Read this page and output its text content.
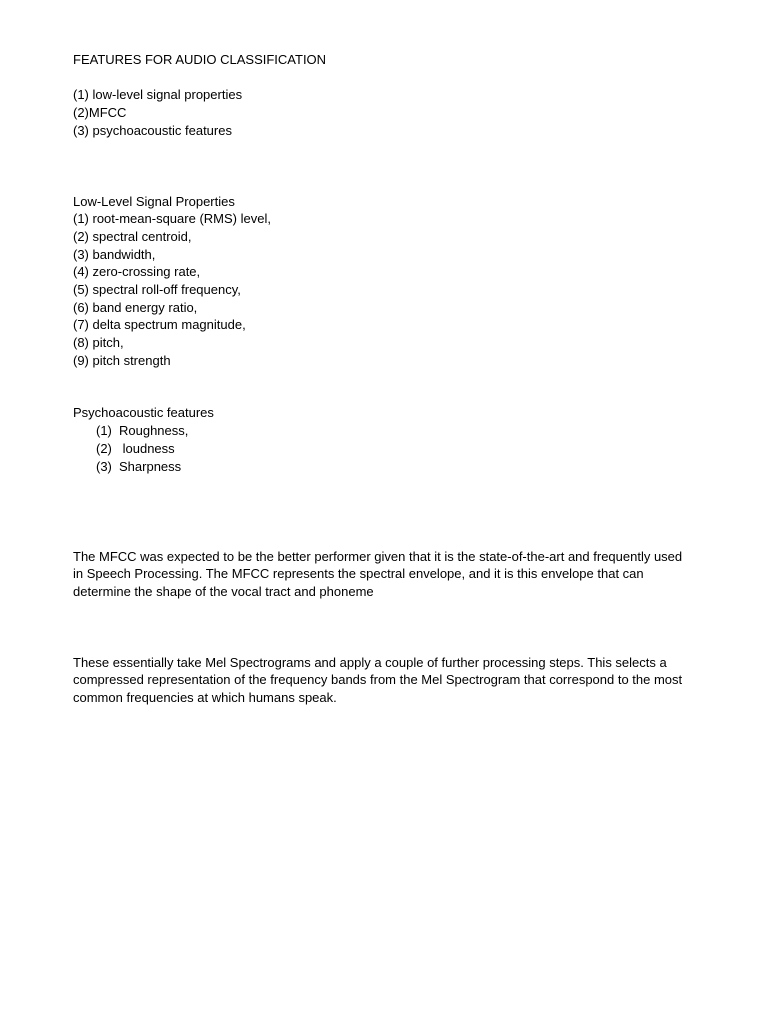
FEATURES FOR AUDIO CLASSIFICATION
(1) low-level signal properties
(2)MFCC
(3) psychoacoustic features
Low-Level Signal Properties
(1) root-mean-square (RMS) level,
(2) spectral centroid,
(3) bandwidth,
(4) zero-crossing rate,
(5) spectral roll-off frequency,
(6) band energy ratio,
(7) delta spectrum magnitude,
(8) pitch,
(9) pitch strength
Psychoacoustic features
(1) Roughness,
(2) loudness
(3) Sharpness
The MFCC was expected to be the better performer given that it is the state-of-the-art and frequently used in Speech Processing. The MFCC represents the spectral envelope, and it is this envelope that can determine the shape of the vocal tract and phoneme
These essentially take Mel Spectrograms and apply a couple of further processing steps. This selects a compressed representation of the frequency bands from the Mel Spectrogram that correspond to the most common frequencies at which humans speak.
